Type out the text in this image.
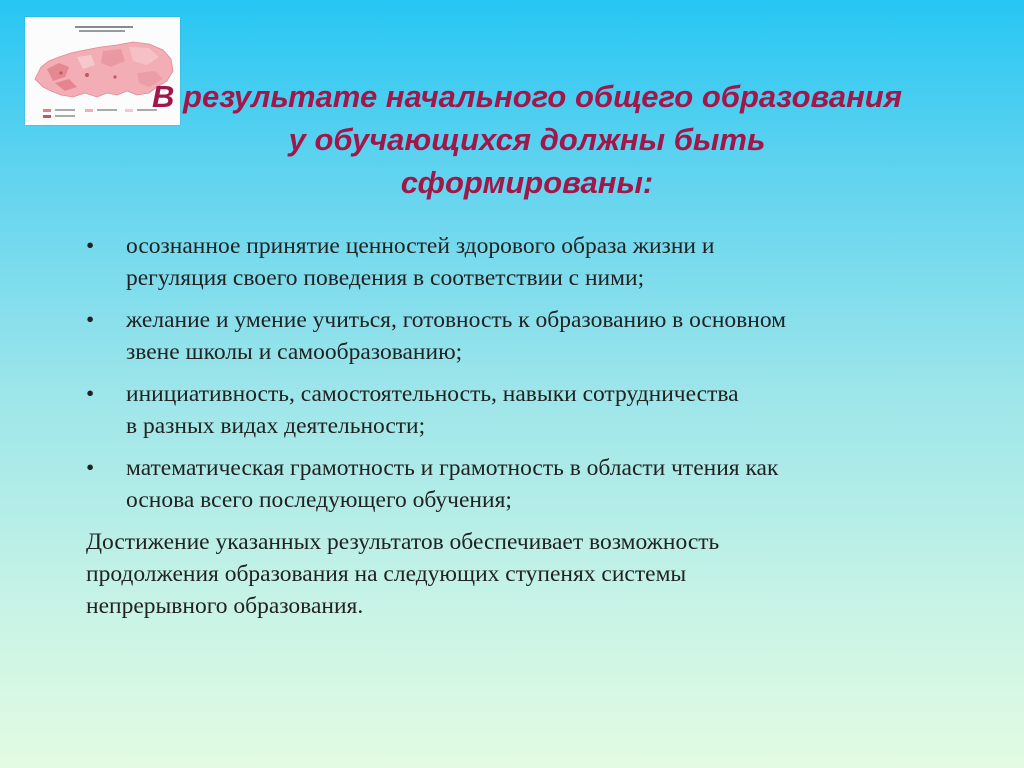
В результате начального общего образования
у обучающихся должны быть
сформированы:
• осознанное принятие ценностей здорового образа жизни и
регуляция своего поведения в соответствии с ними;
• желание и умение учиться, готовность к образованию в основном
звене школы и самообразованию;
• инициативность, самостоятельность, навыки сотрудничества
в разных видах деятельности;
• математическая грамотность и грамотность в области чтения как
основа всего последующего обучения;
Достижение указанных результатов обеспечивает возможность
продолжения образования на следующих ступенях системы
непрерывного образования.
